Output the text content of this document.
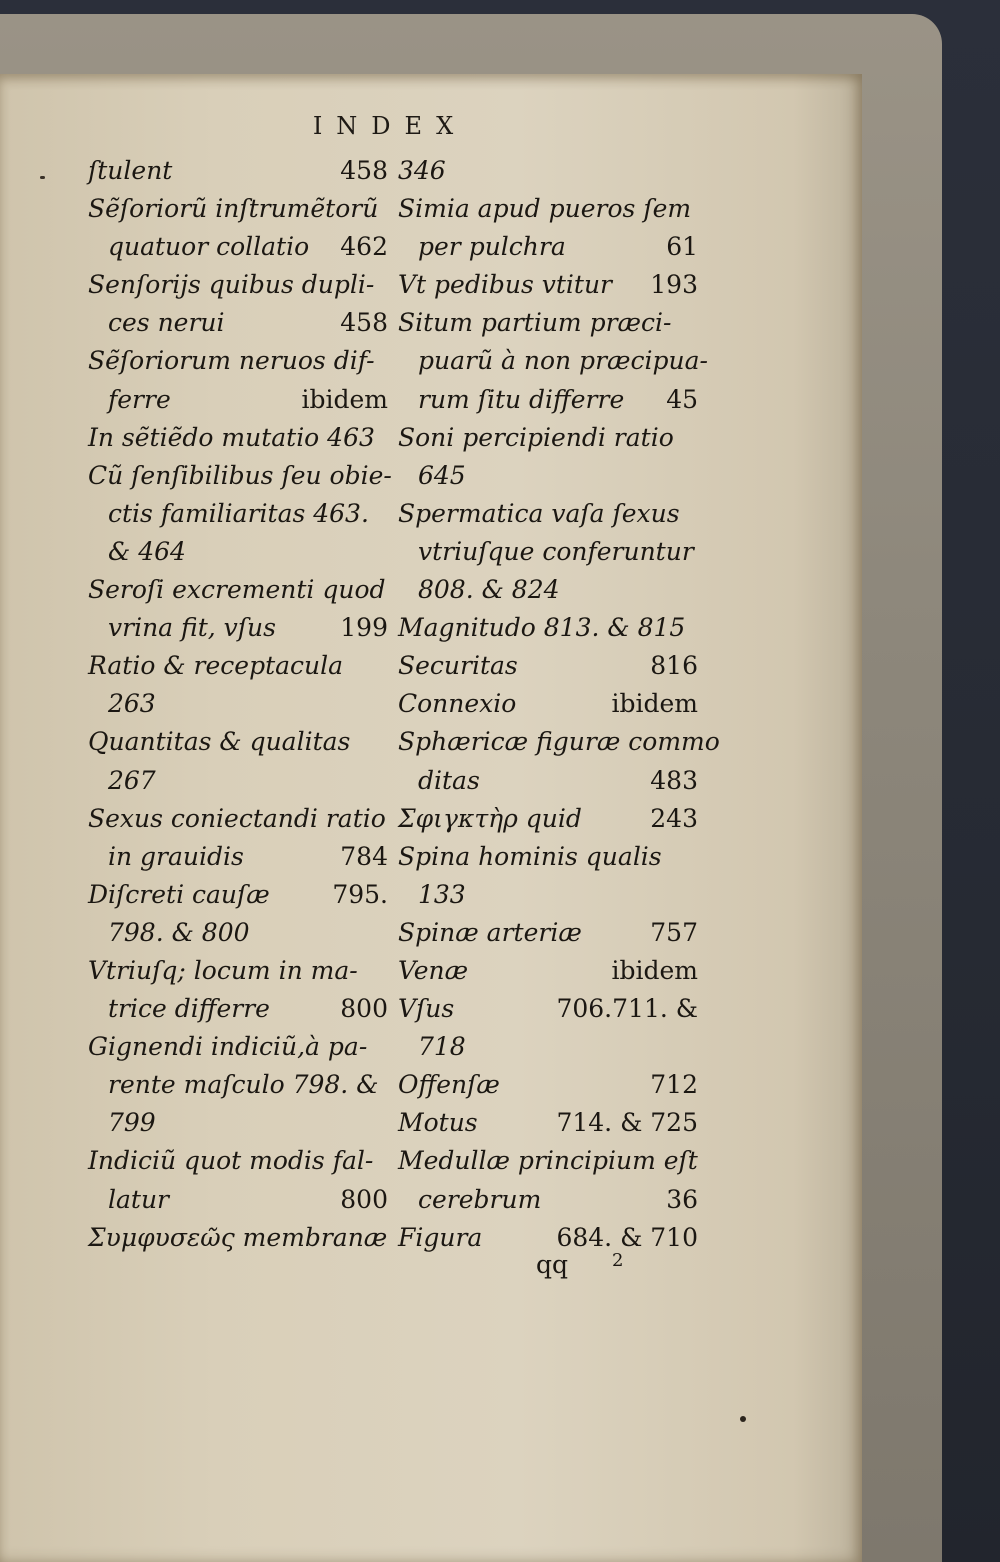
INDEX
ſtulent	458
Sẽſoriorũ inſtrumẽtorũ
quatuor collatio 462
Senſorijs quibus dupli-
ces nerui	458
Sẽſoriorum neruos dif-
ferre	ibidem
In sẽtiẽdo mutatio 463
Cũ ſenſibilibus ſeu obie-
ctis familiaritas 463.
& 464
Seroſi excrementi quod
vrina fit, vſus	199
Ratio & receptacula
263
Quantitas & qualitas
267
Sexus coniectandi ratio
in grauidis	784
Diſcreti cauſæ	795.
798. & 800
Vtriuſq; locum in ma-
trice differre	800
Gignendi indiciũ,à pa-
rente maſculo 798. &
799
Indiciũ quot modis fal-
latur	800
Συμφυσεῶς membranæ
346
Simia apud pueros ſem
per pulchra	61
Vt pedibus vtitur 193
Situm partium præci-
puarũ à non præcipua-
rum ſitu differre 45
Soni percipiendi ratio
645
Spermatica vaſa ſexus
vtriuſque conferuntur
808. & 824
Magnitudo 813. & 815
Securitas	816
Connexio	ibidem
Sphæricæ figuræ commo
ditas	483
Σφιγκτὴρ quid	243
Spina hominis qualis
133
Spinæ arteriæ	757
Venæ	ibidem
Vſus	706.711. &
718
Offenſæ	712
Motus	714. & 725
Medullæ principium eſt
cerebrum	36
Figura	684. & 710
qq $^2$
